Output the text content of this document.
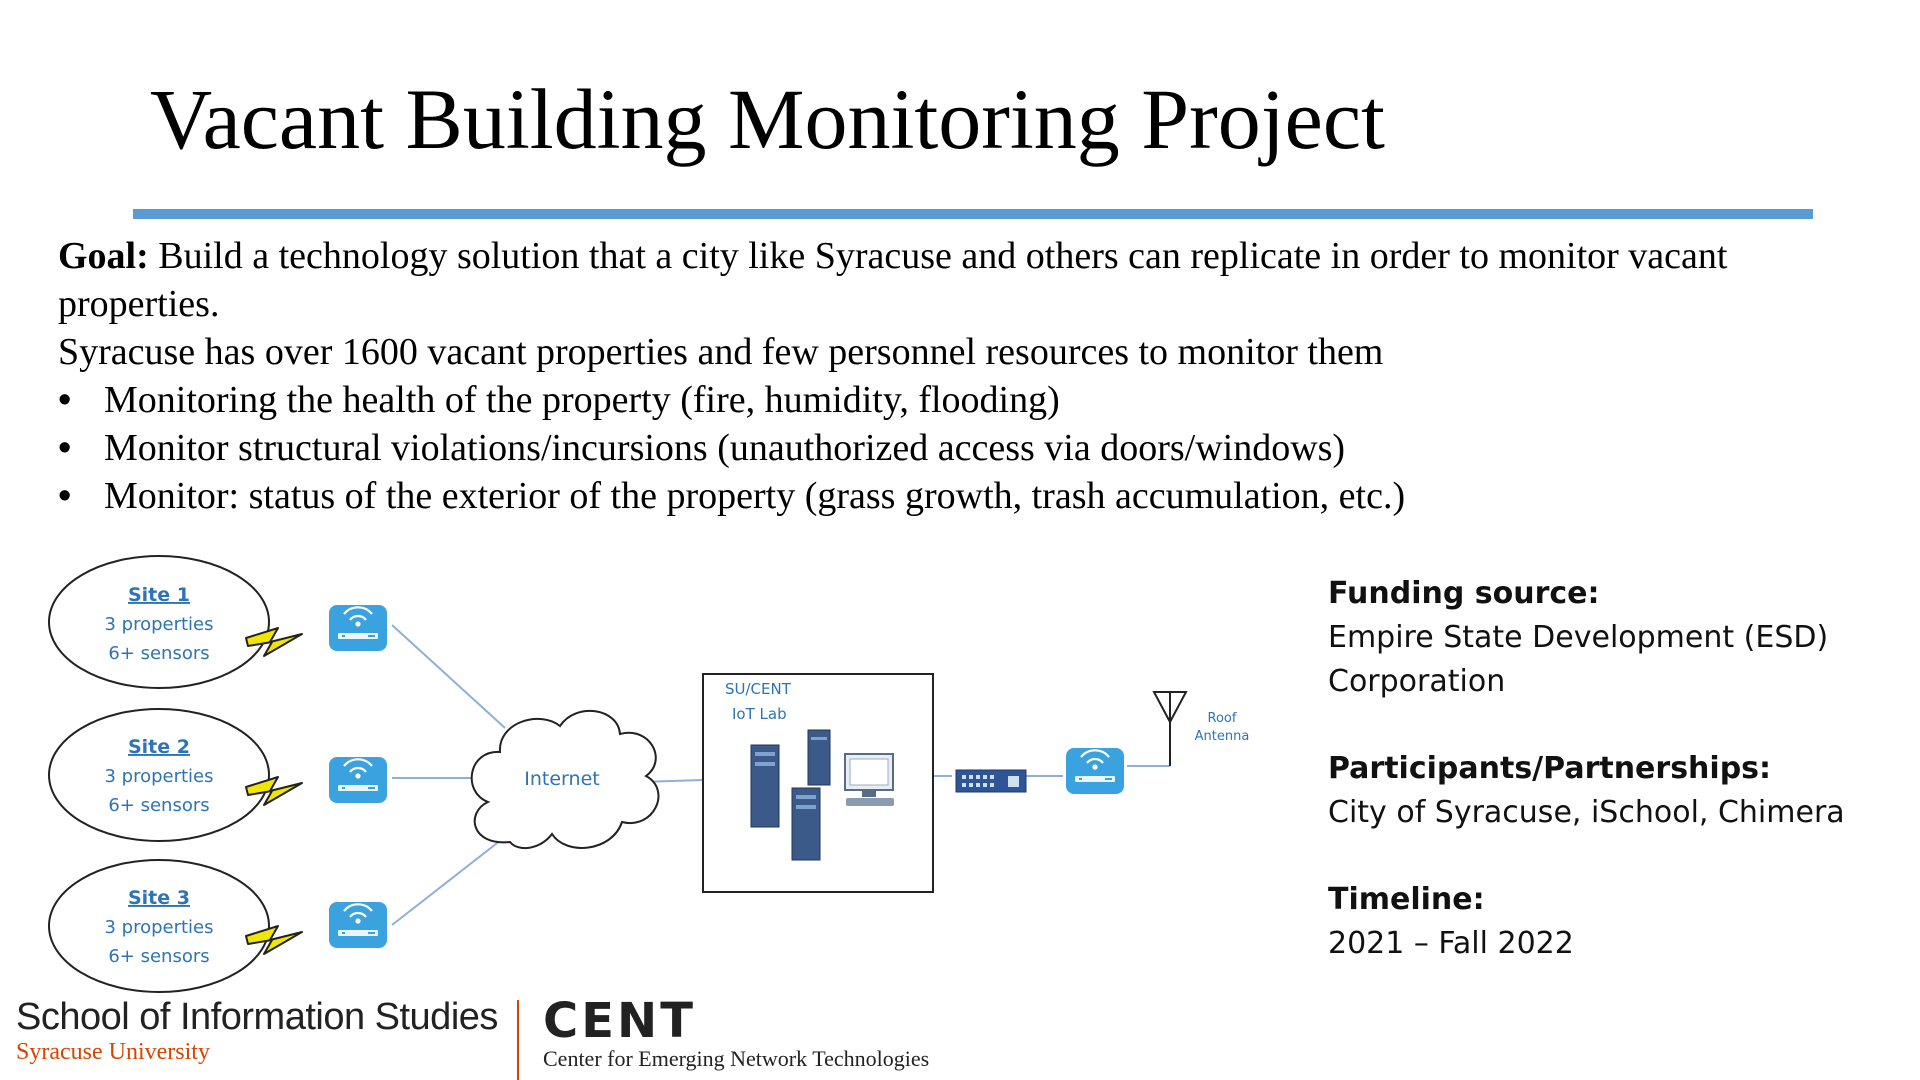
Vacant Building Monitoring Project

Goal: Build a technology solution that a city like Syracuse and others can replicate in order to monitor vacant properties.

Syracuse has over 1600 vacant properties and few personnel resources to monitor them

• Monitoring the health of the property (fire, humidity, flooding)
• Monitor structural violations/incursions (unauthorized access via doors/windows)
• Monitor: status of the exterior of the property (grass growth, trash accumulation, etc.)
Site 1
3 properties
6+ sensors
Site 2
3 properties
6+ sensors
Site 3
3 properties
6+ sensors
Internet
SU/CENT
IoT Lab	Roof
Antenna
Funding source:
Empire State Development (ESD)
Corporation
Participants/Partnerships:
City of Syracuse, iSchool, Chimera
Timeline:
2021 – Fall 2022
School of Information Studies
Syracuse University
CENT
Center for Emerging Network Technologies
